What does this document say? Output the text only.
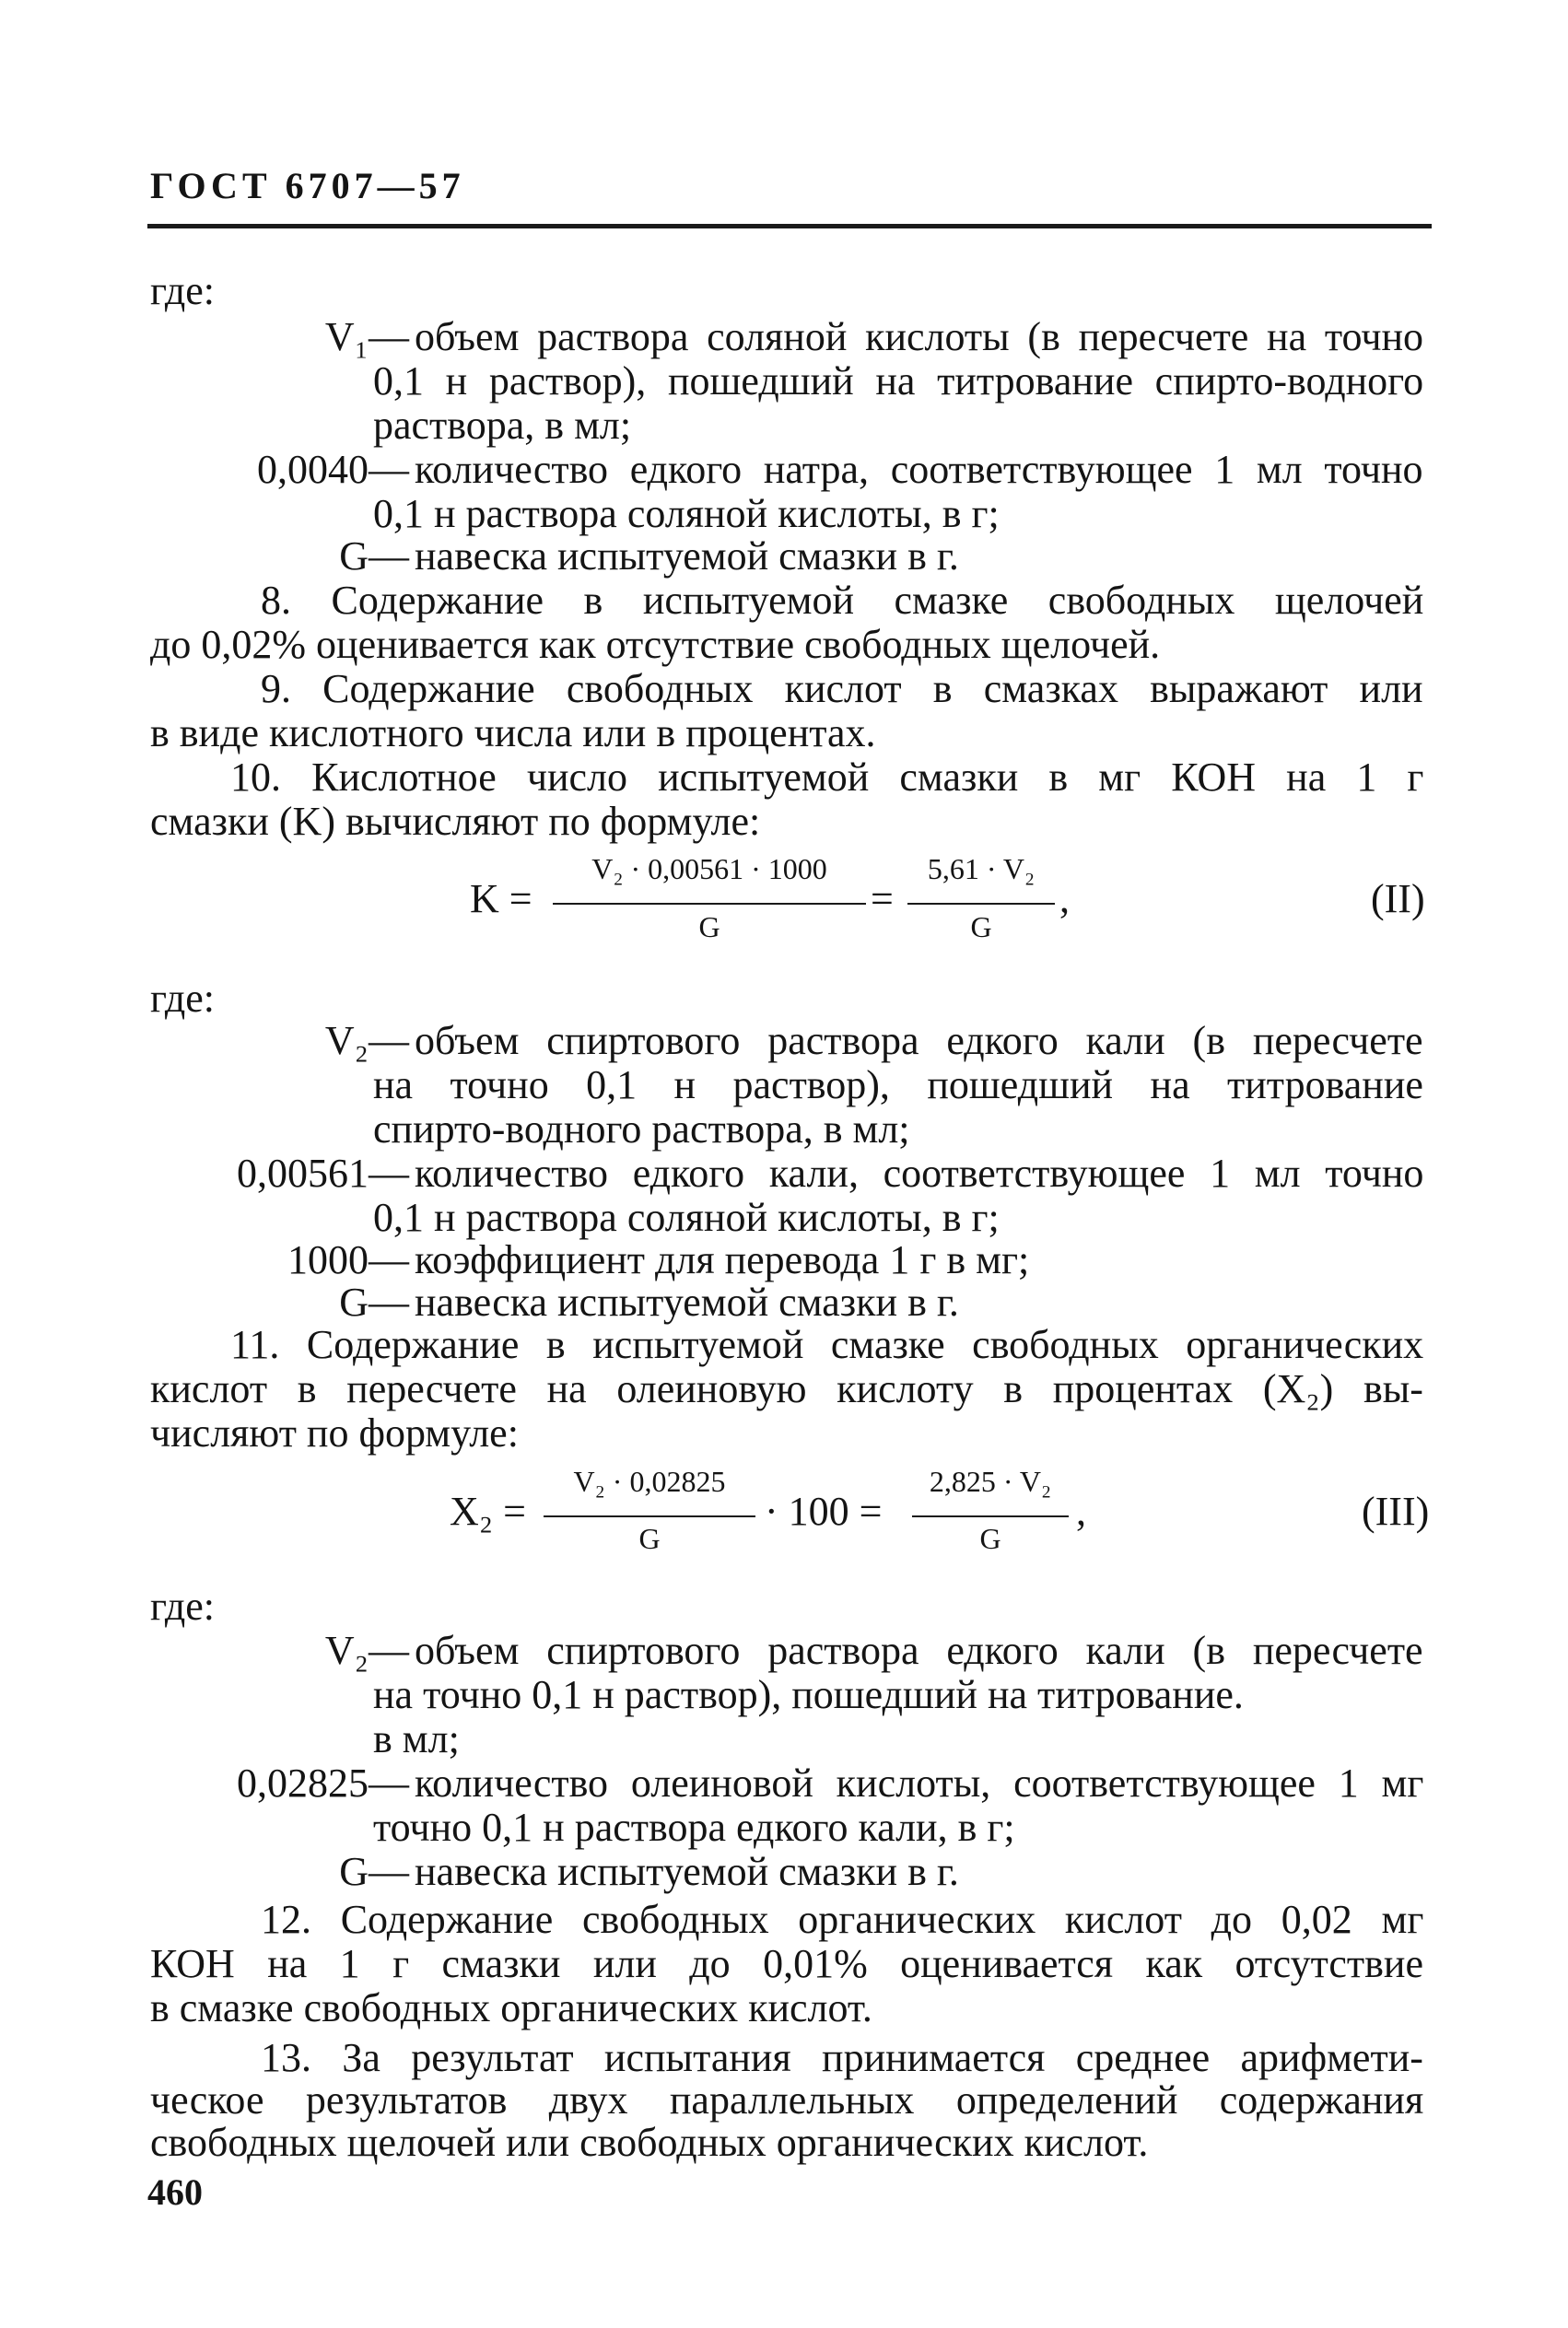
ГОСТ 6707—57
где:
V₁ — объем раствора соляной кислоты (в пересчете на точно
0,1 н раствор), пошедший на титрование спирто-водного
раствора, в мл;
0,0040 — количество едкого натра, соответствующее 1 мл точно
0,1 н раствора соляной кислоты, в г;
G — навеска испытуемой смазки в г.
8. Содержание в испытуемой смазке свободных щелочей
до 0,02% оценивается как отсутствие свободных щелочей.
9. Содержание свободных кислот в смазках выражают или
в виде кислотного числа или в процентах.
10. Кислотное число испытуемой смазки в мг КОН на 1 г
смазки (K) вычисляют по формуле:
K =
V₂ · 0,00561 · 1000
G
=
5,61 · V₂
G
,	(II)
где:
V₂ — объем спиртового раствора едкого кали (в пересчете
на точно 0,1 н раствор), пошедший на титрование
спирто-водного раствора, в мл;
0,00561 — количество едкого кали, соответствующее 1 мл точно
0,1 н раствора соляной кислоты, в г;
1000 — коэффициент для перевода 1 г в мг;
G — навеска испытуемой смазки в г.
11. Содержание в испытуемой смазке свободных органических
кислот в пересчете на олеиновую кислоту в процентах (X₂) вы-
числяют по формуле:
X₂ =
V₂ · 0,02825
G
· 100 =
2,825 · V₂
G
,	(III)
где:
V₂ — объем спиртового раствора едкого кали (в пересчете
на точно 0,1 н раствор), пошедший на титрование.
в мл;
0,02825 — количество олеиновой кислоты, соответствующее 1 мг
точно 0,1 н раствора едкого кали, в г;
G — навеска испытуемой смазки в г.
12. Содержание свободных органических кислот до 0,02 мг
КОН на 1 г смазки или до 0,01% оценивается как отсутствие
в смазке свободных органических кислот.
13. За результат испытания принимается среднее арифмети-
ческое результатов двух параллельных определений содержания
свободных щелочей или свободных органических кислот.
460
